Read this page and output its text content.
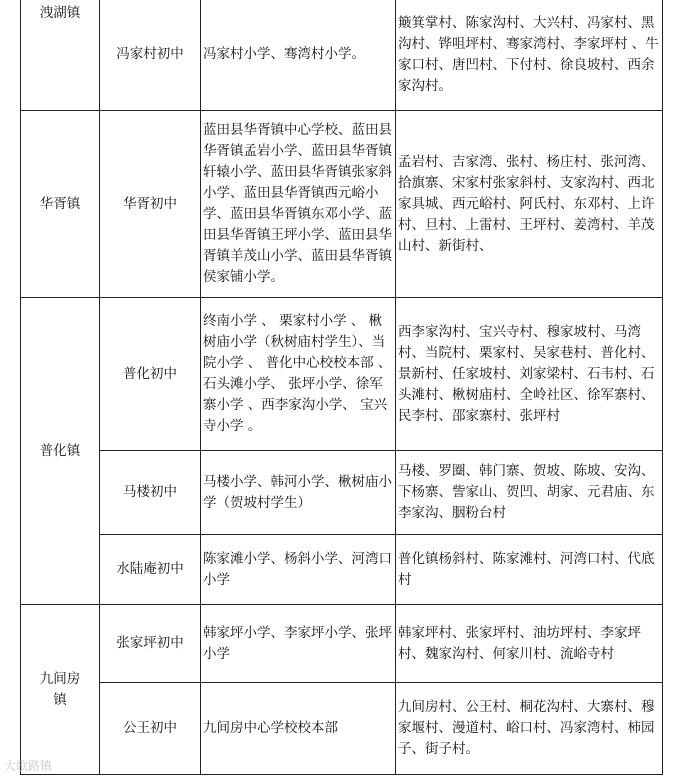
洩湖镇	冯家村初中	冯家村小学、骞湾村小学。	簸箕掌村、陈家沟村、大兴村、冯家村、黑沟村、铧咀坪村、骞家湾村、李家坪村 、牛家口村、唐凹村、下付村、徐良坡村、西余家沟村。
华胥镇	华胥初中	蓝田县华胥镇中心学校、蓝田县华胥镇孟岩小学、蓝田县华胥镇轩辕小学、蓝田县华胥镇张家斜小学、蓝田县华胥镇西元峪小学、蓝田县华胥镇东邓小学、蓝田县华胥镇王坪小学、蓝田县华胥镇羊茂山小学、蓝田县华胥镇侯家铺小学。	孟岩村、吉家湾、张村、杨庄村、张河湾、拾旗寨、宋家村张家斜村、支家沟村、西北家具城、西元峪村、阿氏村、东邓村、上许村、旦村、上雷村、王坪村、姜湾村、羊茂山村、新街村、
普化镇	普化初中	终南小学 、 栗家村小学 、 楸树庙小学（秋树庙村学生）、当院小学 、 普化中心校校本部 、 石头滩小学、 张坪小学、徐军寨小学 、西李家沟小学、 宝兴寺小学 。	西李家沟村、宝兴寺村、穆家坡村、马湾村、当院村、栗家村、吴家巷村、普化村、景新村、任家坡村、刘家梁村、石韦村、石头滩村、楸树庙村、全岭社区、徐军寨村、 民李村、邵家寨村、张坪村
	马楼初中	马楼小学、韩河小学、楸树庙小学（贺坡村学生）	马楼、罗圈、韩门寨、贺坡、陈坡、安沟、下杨寨、訾家山、贺凹、胡家、元君庙、东李家沟、胭粉台村
	水陆庵初中	陈家滩小学、杨斜小学、河湾口小学	普化镇杨斜村、陈家滩村、河湾口村、代底村
九间房镇	张家坪初中	韩家坪小学、李家坪小学、张坪小学	韩家坪村、张家坪村、油坊坪村、李家坪村、魏家沟村、何家川村、流峪寺村
	公王初中	九间房中心学校校本部	九间房村、公王村、桐花沟村、大寨村、穆家堰村、漫道村、峪口村、冯家湾村、柿园子、街子村。
大歌路镇
